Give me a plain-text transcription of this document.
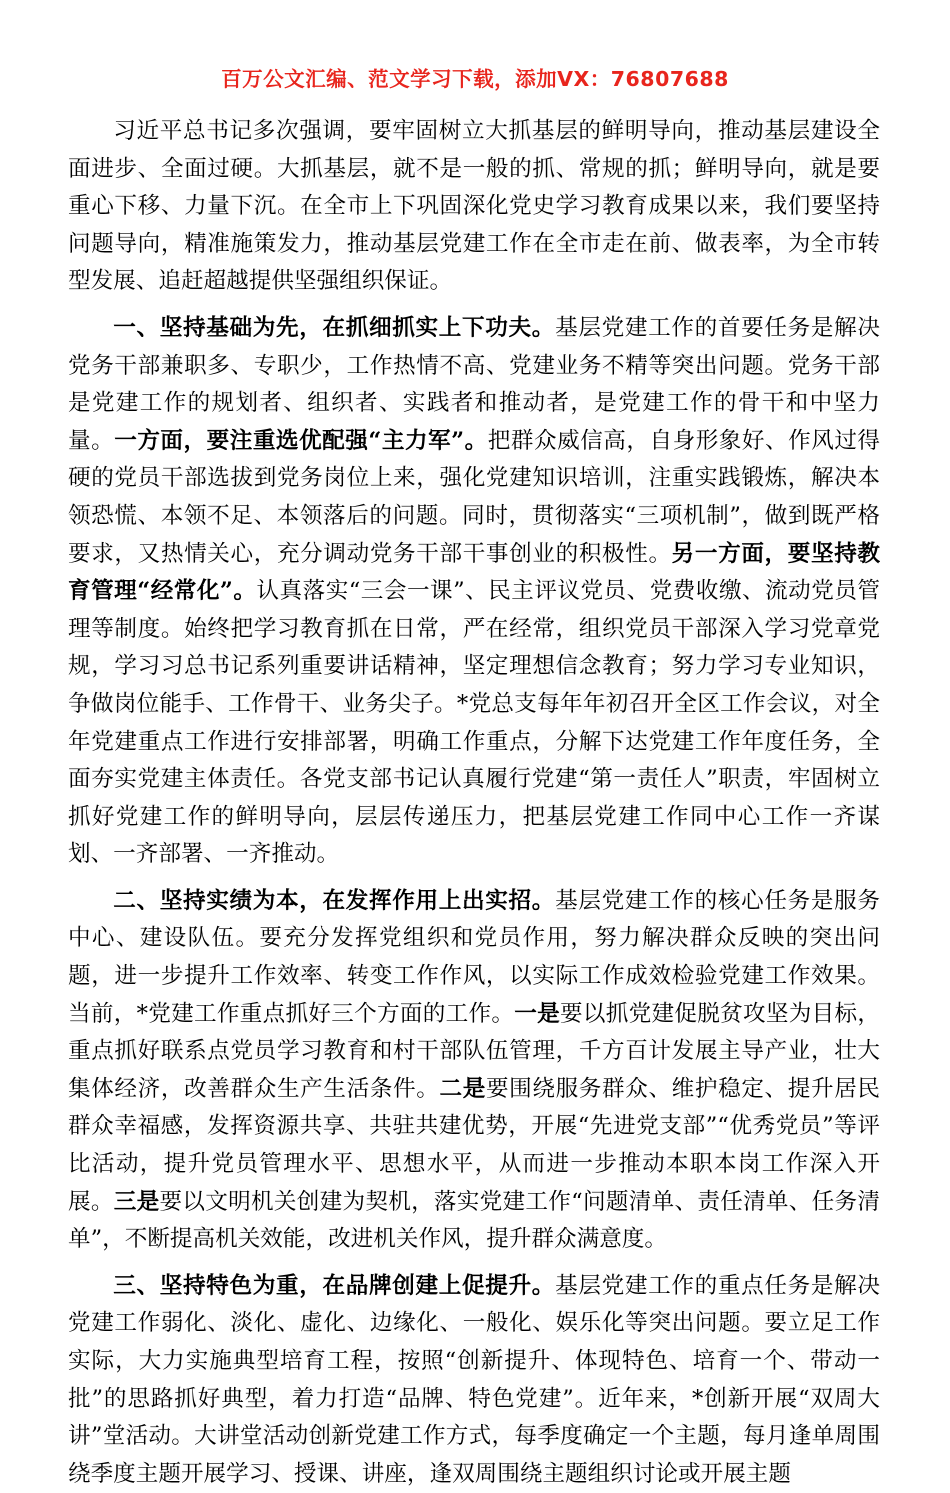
百万公文汇编、范文学习下载，添加VX：76807688

习近平总书记多次强调，要牢固树立大抓基层的鲜明导向，推动基层建设全面进步、全面过硬。大抓基层，就不是一般的抓、常规的抓；鲜明导向，就是要重心下移、力量下沉。在全市上下巩固深化党史学习教育成果以来，我们要坚持问题导向，精准施策发力，推动基层党建工作在全市走在前、做表率，为全市转型发展、追赶超越提供坚强组织保证。

一、坚持基础为先，在抓细抓实上下功夫。基层党建工作的首要任务是解决党务干部兼职多、专职少，工作热情不高、党建业务不精等突出问题。党务干部是党建工作的规划者、组织者、实践者和推动者，是党建工作的骨干和中坚力量。一方面，要注重选优配强“主力军”。把群众威信高，自身形象好、作风过得硬的党员干部选拔到党务岗位上来，强化党建知识培训，注重实践锻炼，解决本领恐慌、本领不足、本领落后的问题。同时，贯彻落实“三项机制”，做到既严格要求，又热情关心，充分调动党务干部干事创业的积极性。另一方面，要坚持教育管理“经常化”。认真落实“三会一课”、民主评议党员、党费收缴、流动党员管理等制度。始终把学习教育抓在日常，严在经常，组织党员干部深入学习党章党规，学习习总书记系列重要讲话精神，坚定理想信念教育；努力学习专业知识，争做岗位能手、工作骨干、业务尖子。*党总支每年年初召开全区工作会议，对全年党建重点工作进行安排部署，明确工作重点，分解下达党建工作年度任务，全面夯实党建主体责任。各党支部书记认真履行党建“第一责任人”职责，牢固树立抓好党建工作的鲜明导向，层层传递压力，把基层党建工作同中心工作一齐谋划、一齐部署、一齐推动。

二、坚持实绩为本，在发挥作用上出实招。基层党建工作的核心任务是服务中心、建设队伍。要充分发挥党组织和党员作用，努力解决群众反映的突出问题，进一步提升工作效率、转变工作作风，以实际工作成效检验党建工作效果。当前，*党建工作重点抓好三个方面的工作。一是要以抓党建促脱贫攻坚为目标，重点抓好联系点党员学习教育和村干部队伍管理，千方百计发展主导产业，壮大集体经济，改善群众生产生活条件。二是要围绕服务群众、维护稳定、提升居民群众幸福感，发挥资源共享、共驻共建优势，开展“先进党支部”“优秀党员”等评比活动，提升党员管理水平、思想水平，从而进一步推动本职本岗工作深入开展。三是要以文明机关创建为契机，落实党建工作“问题清单、责任清单、任务清单”，不断提高机关效能，改进机关作风，提升群众满意度。

三、坚持特色为重，在品牌创建上促提升。基层党建工作的重点任务是解决党建工作弱化、淡化、虚化、边缘化、一般化、娱乐化等突出问题。要立足工作实际，大力实施典型培育工程，按照“创新提升、体现特色、培育一个、带动一批”的思路抓好典型，着力打造“品牌、特色党建”。近年来，*创新开展“双周大讲”堂活动。大讲堂活动创新党建工作方式，每季度确定一个主题，每月逢单周围绕季度主题开展学习、授课、讲座，逢双周围绕主题组织讨论或开展主题
